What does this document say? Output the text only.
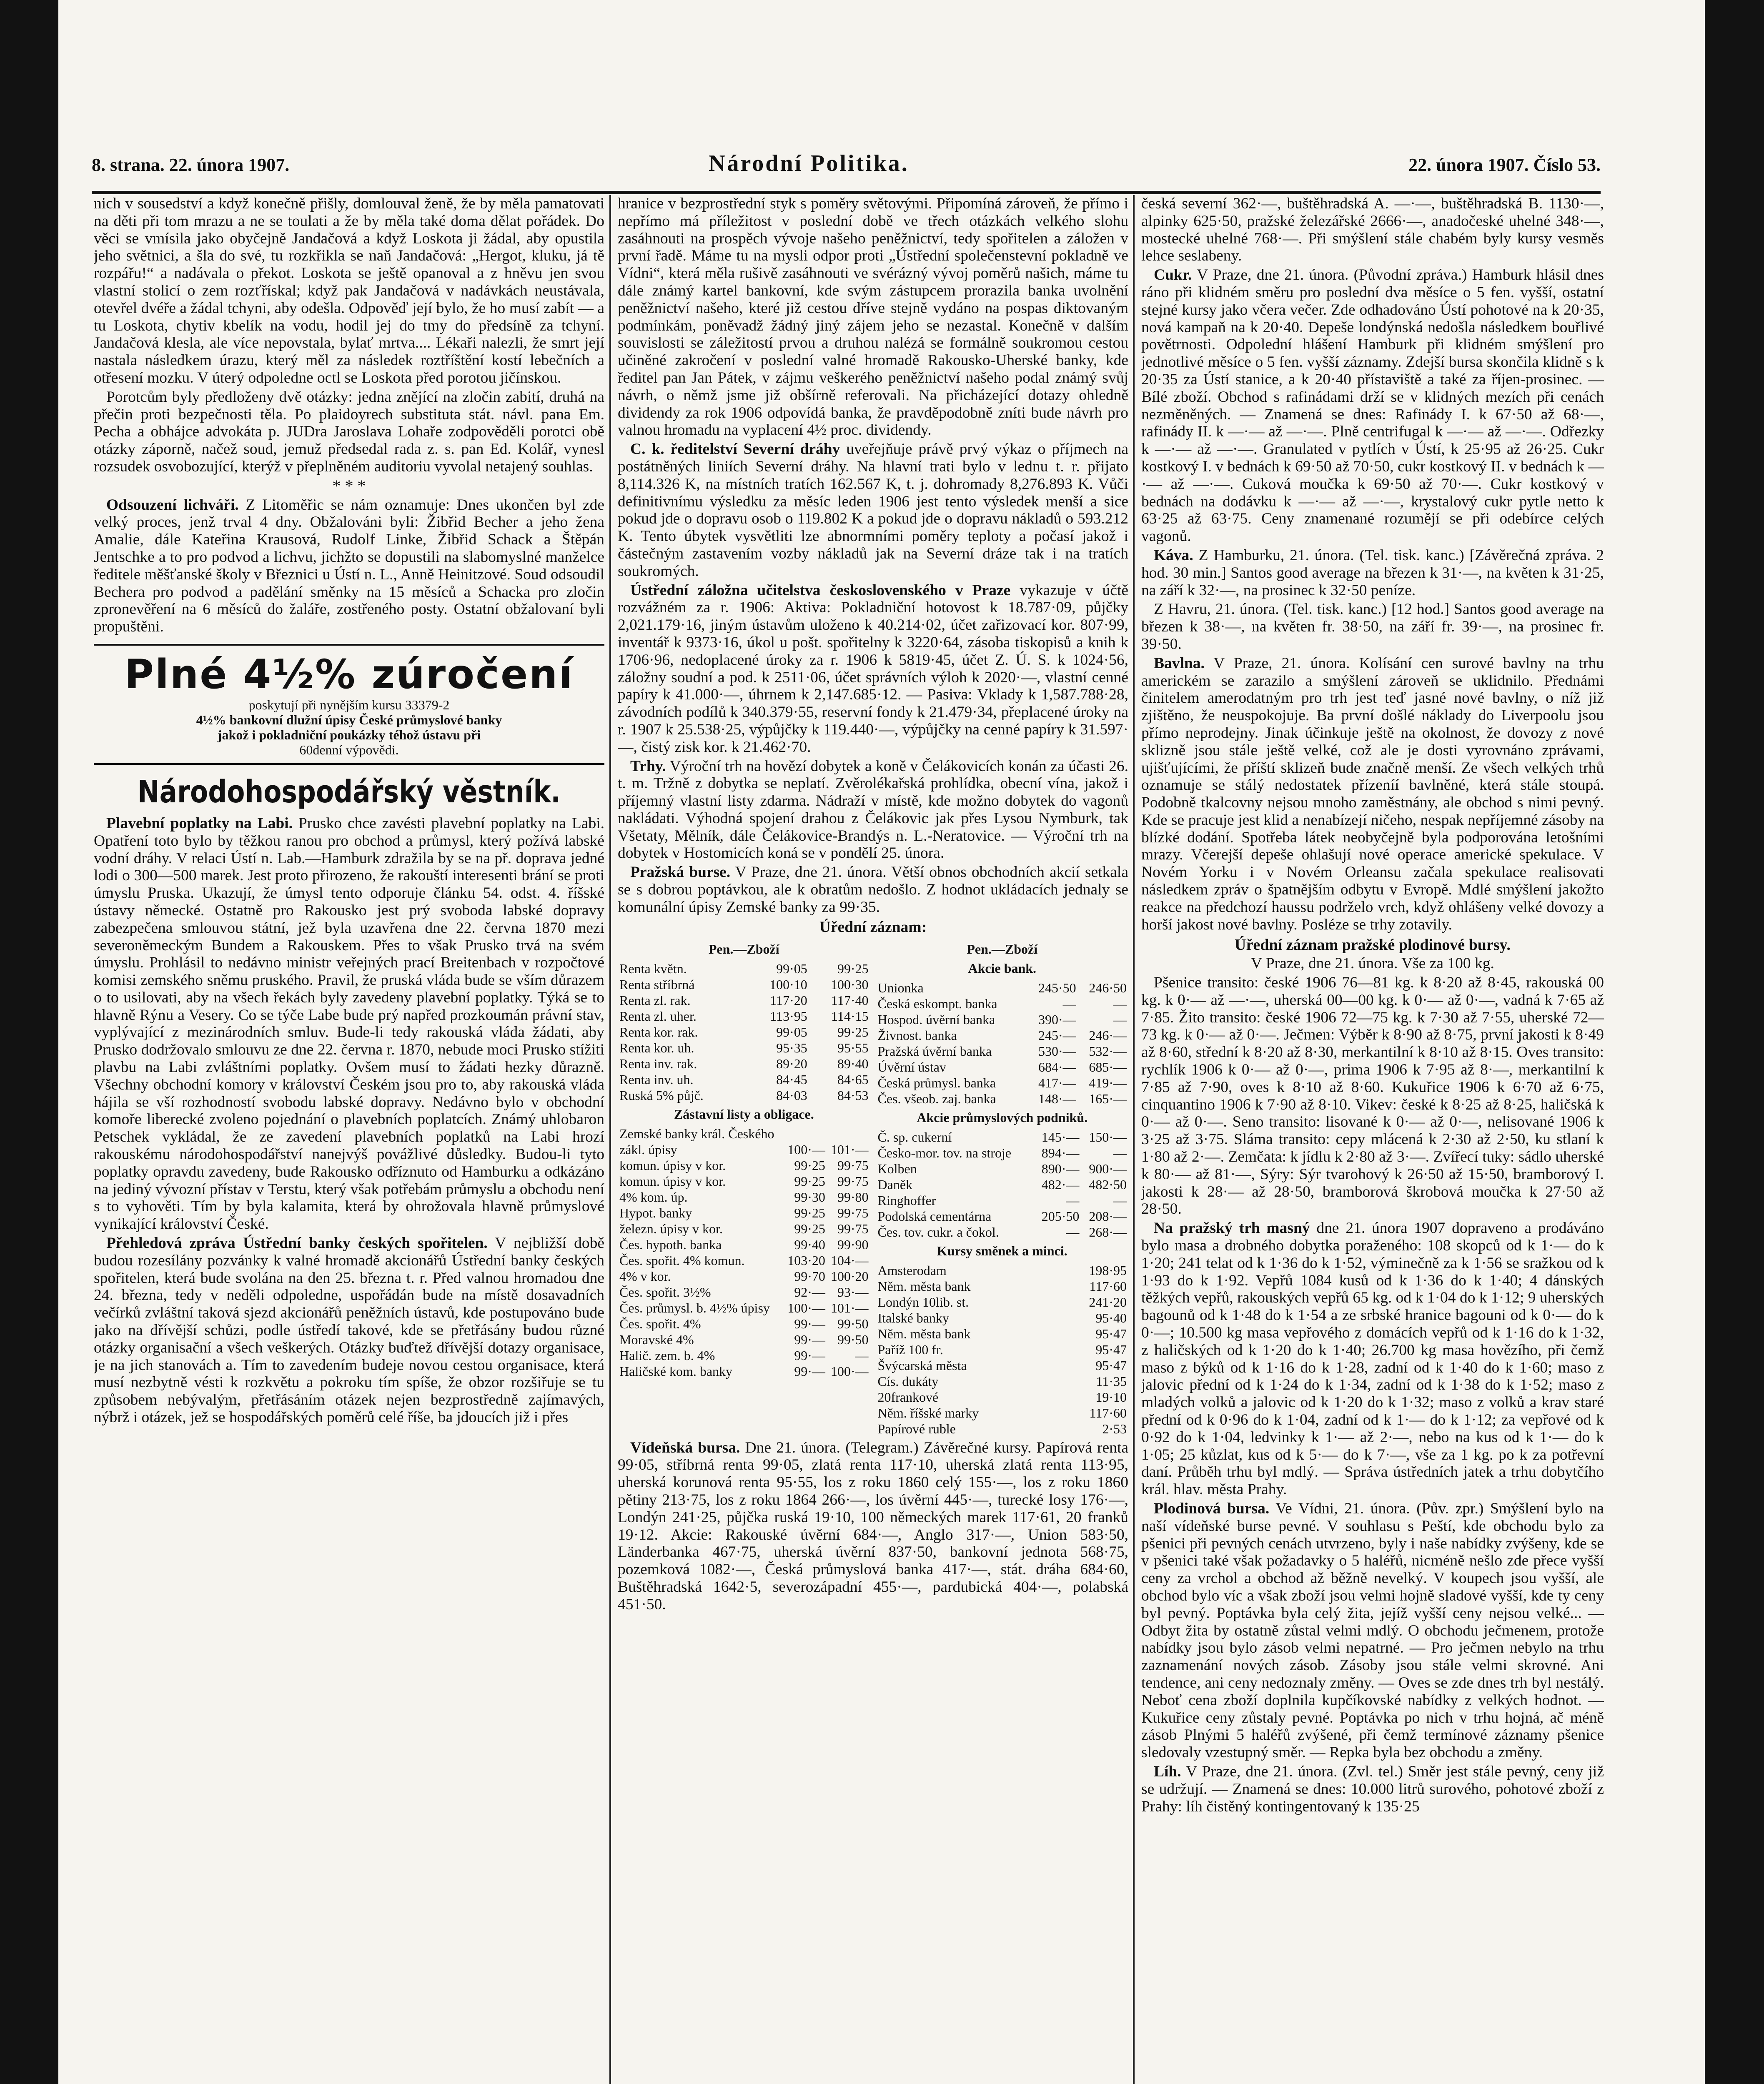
8. strana. 22. února 1907.	Národní Politika.	22. února 1907. Číslo 53.

nich v sousedství a když konečně přišly, domlouval ženě, že by měla pamatovati na děti při tom mrazu a ne se toulati a že by měla také doma dělat pořádek. Do věci se vmísila jako obyčejně Jandačová a když Loskota ji žádal, aby opustila jeho světnici, a šla do své, tu rozkřikla se naň Jandačová: „Hergot, kluku, já tě rozpářu!“ a nadávala o překot. Loskota se ještě opanoval a z hněvu jen svou vlastní stolicí o zem rozťřískal; když pak Jandačová v nadávkách neustávala, otevřel dvéře a žádal tchyni, aby odešla. Odpověď její bylo, že ho musí zabít — a tu Loskota, chytiv kbelík na vodu, hodil jej do tmy do předsíně za tchyní. Jandačová klesla, ale více nepovstala, bylať mrtva.... Lékaři nalezli, že smrt její nastala následkem úrazu, který měl za následek roztříštění kostí lebečních a otřesení mozku. V úterý odpoledne octl se Loskota před porotou jičínskou.

Porotcům byly předloženy dvě otázky: jedna znějící na zločin zabití, druhá na přečin proti bezpečnosti těla. Po plaidoyrech substituta stát. návl. pana Em. Pecha a obhájce advokáta p. JUDra Jaroslava Lohaře zodpověděli porotci obě otázky záporně, načež soud, jemuž předsedal rada z. s. pan Ed. Kolář, vynesl rozsudek osvobozující, kterýž v přeplněném auditoriu vyvolal netajený souhlas.

* * *

Odsouzení lichváři. Z Litoměřic se nám oznamuje: Dnes ukončen byl zde velký proces, jenž trval 4 dny. Obžalováni byli: Žibřid Becher a jeho žena Amalie, dále Kateřina Krausová, Rudolf Linke, Žibřid Schack a Štěpán Jentschke a to pro podvod a lichvu, jichžto se dopustili na slabomyslné manželce ředitele měšťanské školy v Březnici u Ústí n. L., Anně Heinitzové. Soud odsoudil Bechera pro podvod a padělání směnky na 15 měsíců a Schacka pro zločin zpronevěření na 6 měsíců do žaláře, zostřeného posty. Ostatní obžalovaní byli propuštěni.

Plné 4½% zúročení
poskytují při nynějším kursu 33379-2
4½% bankovní dlužní úpisy České průmyslové banky
jakož i pokladniční poukázky téhož ústavu při
60denní výpovědi.
Národohospodářský věstník.

Plavební poplatky na Labi. Prusko chce zavésti plavební poplatky na Labi. Opatření toto bylo by těžkou ranou pro obchod a průmysl, který požívá labské vodní dráhy. V relaci Ústí n. Lab.—Hamburk zdražila by se na př. doprava jedné lodi o 300—500 marek. Jest proto přirozeno, že rakouští interesenti brání se proti úmyslu Pruska. Ukazují, že úmysl tento odporuje článku 54. odst. 4. říšské ústavy německé. Ostatně pro Rakousko jest prý svoboda labské dopravy zabezpečena smlouvou státní, jež byla uzavřena dne 22. června 1870 mezi severoněmeckým Bundem a Rakouskem. Přes to však Prusko trvá na svém úmyslu. Prohlásil to nedávno ministr veřejných prací Breitenbach v rozpočtové komisi zemského sněmu pruského. Pravil, že pruská vláda bude se vším důrazem o to usilovati, aby na všech řekách byly zavedeny plavební poplatky. Týká se to hlavně Rýnu a Vesery. Co se týče Labe bude prý napřed prozkoumán právní stav, vyplývající z mezinárodních smluv. Bude-li tedy rakouská vláda žádati, aby Prusko dodržovalo smlouvu ze dne 22. června r. 1870, nebude moci Prusko stížiti plavbu na Labi zvláštními poplatky. Ovšem musí to žádati hezky důrazně. Všechny obchodní komory v království Českém jsou pro to, aby rakouská vláda hájila se vší rozhodností svobodu labské dopravy. Nedávno bylo v obchodní komoře liberecké zvoleno pojednání o plavebních poplatcích. Známý uhlobaron Petschek vykládal, že ze zavedení plavebních poplatků na Labi hrozí rakouskému národohospodářství nanejvýš povážlivé důsledky. Budou-li tyto poplatky opravdu zavedeny, bude Rakousko odříznuto od Hamburku a odkázáno na jediný vývozní přístav v Terstu, který však potřebám průmyslu a obchodu není s to vyhověti. Tím by byla kalamita, která by ohrožovala hlavně průmyslové vynikající království České.

Přehledová zpráva Ústřední banky českých spořitelen. V nejbližší době budou rozesílány pozvánky k valné hromadě akcionářů Ústřední banky českých spořitelen, která bude svolána na den 25. března t. r. Před valnou hromadou dne 24. března, tedy v neděli odpoledne, uspořádán bude na místě dosavadních večírků zvláštní taková sjezd akcionářů peněžních ústavů, kde postupováno bude jako na dřívější schůzi, podle ústředí takové, kde se přetřásány budou různé otázky organisační a všech veškerých. Otázky buďtež dřívější dotazy organisace, je na jich stanovách a. Tím to zavedením budeje novou cestou organisace, která musí nezbytně vésti k rozkvětu a pokroku tím spíše, že obzor rozšiřuje se tu způsobem nebývalým, přetřásáním otázek nejen bezprostředně zajímavých, nýbrž i otázek, jež se hospodářských poměrů celé říše, ba jdoucích již i přes

hranice v bezprostřední styk s poměry světovými. Připomíná zároveň, že přímo i nepřímo má příležitost v poslední době ve třech otázkách velkého slohu zasáhnouti na prospěch vývoje našeho peněžnictví, tedy spořitelen a záložen v první řadě. Máme tu na mysli odpor proti „Ústřední společenstevní pokladně ve Vídni“, která měla rušivě zasáhnouti ve svérázný vývoj poměrů našich, máme tu dále známý kartel bankovní, kde svým zástupcem prorazila banka uvolnění peněžnictví našeho, které již cestou dříve stejně vydáno na pospas diktovaným podmínkám, poněvadž žádný jiný zájem jeho se nezastal. Konečně v dalším souvislosti se záležitostí prvou a druhou nalézá se formálně soukromou cestou učiněné zakročení v poslední valné hromadě Rakousko-Uherské banky, kde ředitel pan Jan Pátek, v zájmu veškerého peněžnictví našeho podal známý svůj návrh, o němž jsme již obšírně referovali. Na přicházející dotazy ohledně dividendy za rok 1906 odpovídá banka, že pravděpodobně zníti bude návrh pro valnou hromadu na vyplacení 4½ proc. dividendy.

C. k. ředitelství Severní dráhy uveřejňuje právě prvý výkaz o příjmech na postátněných liniích Severní dráhy. Na hlavní trati bylo v lednu t. r. přijato 8,114.326 K, na místních tratích 162.567 K, t. j. dohromady 8,276.893 K. Vůči definitivnímu výsledku za měsíc leden 1906 jest tento výsledek menší a sice pokud jde o dopravu osob o 119.802 K a pokud jde o dopravu nákladů o 593.212 K. Tento úbytek vysvětliti lze abnormními poměry teploty a počasí jakož i částečným zastavením vozby nákladů jak na Severní dráze tak i na tratích soukromých.

Ústřední záložna učitelstva československého v Praze vykazuje v účtě rozvážném za r. 1906: Aktiva: Pokladniční hotovost k 18.787·09, půjčky 2,021.179·16, jiným ústavům uloženo k 40.214·02, účet zařizovací kor. 807·99, inventář k 9373·16, úkol u pošt. spořitelny k 3220·64, zásoba tiskopisů a knih k 1706·96, nedoplacené úroky za r. 1906 k 5819·45, účet Z. Ú. S. k 1024·56, záložny soudní a pod. k 2511·06, účet správních výloh k 2020·—, vlastní cenné papíry k 41.000·—, úhrnem k 2,147.685·12. — Pasiva: Vklady k 1,587.788·28, závodních podílů k 340.379·55, reservní fondy k 21.479·34, přeplacené úroky na r. 1907 k 25.538·25, výpůjčky k 119.440·—, výpůjčky na cenné papíry k 31.597·—, čistý zisk kor. k 21.462·70.

Trhy. Výroční trh na hovězí dobytek a koně v Čelákovicích konán za účasti 26. t. m. Tržně z dobytka se neplatí. Zvěrolékařská prohlídka, obecní vína, jakož i příjemný vlastní listy zdarma. Nádraží v místě, kde možno dobytek do vagonů nakládati. Výhodná spojení drahou z Čelákovic jak přes Lysou Nymburk, tak Všetaty, Mělník, dále Čelákovice-Brandýs n. L.-Neratovice. — Výroční trh na dobytek v Hostomicích koná se v pondělí 25. února.

Pražská burse. V Praze, dne 21. února. Větší obnos obchodních akcií setkala se s dobrou poptávkou, ale k obratům nedošlo. Z hodnot ukládacích jednaly se komunální úpisy Zemské banky za 99·35.

Úřední záznam:
Pen.—Zboží
Renta květn.	99·05	99·25
Renta stříbrná	100·10	100·30
Renta zl. rak.	117·20	117·40
Renta zl. uher.	113·95	114·15
Renta kor. rak.	99·05	99·25
Renta kor. uh.	95·35	95·55
Renta inv. rak.	89·20	89·40
Renta inv. uh.	84·45	84·65
Ruská 5% půjč.	84·03	84·53
Zástavní listy a obligace.
Zemské banky král. Českého		
zákl. úpisy	100·—	101·—
komun. úpisy v kor.	99·25	99·75
komun. úpisy v kor.	99·25	99·75
4% kom. úp.	99·30	99·80
Hypot. banky	99·25	99·75
železn. úpisy v kor.	99·25	99·75
Čes. hypoth. banka	99·40	99·90
Čes. spořit. 4% komun.	103·20	104·—
4% v kor.	99·70	100·20
Čes. spořit. 3½%	92·—	93·—
Čes. průmysl. b. 4½% úpisy	100·—	101·—
Čes. spořit. 4%	99·—	99·50
Moravské 4%	99·—	99·50
Halič. zem. b. 4%	99·—	—
Haličské kom. banky	99·—	100·—
Pen.—Zboží
Akcie bank.
Unionka	245·50	246·50
Česká eskompt. banka	—	—
Hospod. úvěrní banka	390·—	—
Živnost. banka	245·—	246·—
Pražská úvěrní banka	530·—	532·—
Úvěrní ústav	684·—	685·—
Česká průmysl. banka	417·—	419·—
Čes. všeob. zaj. banka	148·—	165·—
Akcie průmyslových podniků.
Č. sp. cukerní	145·—	150·—
Česko-mor. tov. na stroje	894·—	—
Kolben	890·—	900·—
Daněk	482·—	482·50
Ringhoffer	—	—
Podolská cementárna	205·50	208·—
Čes. tov. cukr. a čokol.	—	268·—
Kursy směnek a minci.
Amsterodam	198·95
Něm. města bank	117·60
Londýn 10lib. st.	241·20
Italské banky	95·40
Něm. města bank	95·47
Paříž 100 fr.	95·47
Švýcarská města	95·47
Cís. dukáty	11·35
20frankové	19·10
Něm. říšské marky	117·60
Papírové ruble	2·53

Vídeňská bursa. Dne 21. února. (Telegram.) Závěrečné kursy. Papírová renta 99·05, stříbrná renta 99·05, zlatá renta 117·10, uherská zlatá renta 113·95, uherská korunová renta 95·55, los z roku 1860 celý 155·—, los z roku 1860 pětiny 213·75, los z roku 1864 266·—, los úvěrní 445·—, turecké losy 176·—, Londýn 241·25, půjčka ruská 19·10, 100 německých marek 117·61, 20 franků 19·12. Akcie: Rakouské úvěrní 684·—, Anglo 317·—, Union 583·50, Länderbanka 467·75, uherská úvěrní 837·50, bankovní jednota 568·75, pozemková 1082·—, Česká průmyslová banka 417·—, stát. dráha 684·60, Buštěhradská 1642·5, severozápadní 455·—, pardubická 404·—, polabská 451·50.

česká severní 362·—, buštěhradská A. —·—, buštěhradská B. 1130·—, alpinky 625·50, pražské železářské 2666·—, anadočeské uhelné 348·—, mostecké uhelné 768·—. Při smýšlení stále chabém byly kursy vesměs lehce seslabeny.

Cukr. V Praze, dne 21. února. (Původní zpráva.) Hamburk hlásil dnes ráno při klidném směru pro poslední dva měsíce o 5 fen. vyšší, ostatní stejné kursy jako včera večer. Zde odhadováno Ústí pohotové na k 20·35, nová kampaň na k 20·40. Depeše londýnská nedošla následkem bouřlivé povětrnosti. Odpolední hlášení Hamburk při klidném smýšlení pro jednotlivé měsíce o 5 fen. vyšší záznamy. Zdejší bursa skončila klidně s k 20·35 za Ústí stanice, a k 20·40 přístaviště a také za říjen-prosinec. — Bílé zboží. Obchod s rafinádami drží se v klidných mezích při cenách nezměněných. — Znamená se dnes: Rafinády I. k 67·50 až 68·—, rafinády II. k —·— až —·—. Plně centrifugal k —·— až —·—. Odřezky k —·— až —·—. Granulated v pytlích v Ústí, k 25·95 až 26·25. Cukr kostkový I. v bednách k 69·50 až 70·50, cukr kostkový II. v bednách k —·— až —·—. Cuková moučka k 69·50 až 70·—. Cukr kostkový v bednách na dodávku k —·— až —·—, krystalový cukr pytle netto k 63·25 až 63·75. Ceny znamenané rozumějí se při odebírce celých vagonů.

Káva. Z Hamburku, 21. února. (Tel. tisk. kanc.) [Závěrečná zpráva. 2 hod. 30 min.] Santos good average na březen k 31·—, na květen k 31·25, na září k 32·—, na prosinec k 32·50 peníze.

Z Havru, 21. února. (Tel. tisk. kanc.) [12 hod.] Santos good average na březen k 38·—, na květen fr. 38·50, na září fr. 39·—, na prosinec fr. 39·50.

Bavlna. V Praze, 21. února. Kolísání cen surové bavlny na trhu americkém se zarazilo a smýšlení zároveň se uklidnilo. Přednámi činitelem amerodatným pro trh jest teď jasné nové bavlny, o níž již zjištěno, že neuspokojuje. Ba první došlé náklady do Liverpoolu jsou přímo neprodejny. Jinak účinkuje ještě na okolnost, že dovozy z nové sklizně jsou stále ještě velké, což ale je dosti vyrovnáno zprávami, ujišťujícími, že příští sklizeň bude značně menší. Ze všech velkých trhů oznamuje se stálý nedostatek přízeníí bavlněné, která stále stoupá. Podobně tkalcovny nejsou mnoho zaměstnány, ale obchod s nimi pevný. Kde se pracuje jest klid a nenabízejí ničeho, nespak nepříjemné zásoby na blízké dodání. Spotřeba látek neobyčejně byla podporována letošními mrazy. Včerejší depeše ohlašují nové operace americké spekulace. V Novém Yorku i v Novém Orleansu začala spekulace realisovati následkem zpráv o špatnějším odbytu v Evropě. Mdlé smýšlení jakožto reakce na předchozí haussu podrželo vrch, když ohlášeny velké dovozy a horší jakost nové bavlny. Posléze se trhy zotavily.

Úřední záznam pražské plodinové bursy.

V Praze, dne 21. února. Vše za 100 kg.

Pšenice transito: české 1906 76—81 kg. k 8·20 až 8·45, rakouská 00 kg. k 0·— až —·—, uherská 00—00 kg. k 0·— až 0·—, vadná k 7·65 až 7·85. Žito transito: české 1906 72—75 kg. k 7·30 až 7·55, uherské 72—73 kg. k 0·— až 0·—. Ječmen: Výběr k 8·90 až 8·75, první jakosti k 8·49 až 8·60, střední k 8·20 až 8·30, merkantilní k 8·10 až 8·15. Oves transito: rychlík 1906 k 0·— až 0·—, prima 1906 k 7·95 až 8·—, merkantilní k 7·85 až 7·90, oves k 8·10 až 8·60. Kukuřice 1906 k 6·70 až 6·75, cinquantino 1906 k 7·90 až 8·10. Vikev: české k 8·25 až 8·25, haličská k 0·— až 0·—. Seno transito: lisované k 0·— až 0·—, nelisované 1906 k 3·25 až 3·75. Sláma transito: cepy mlácená k 2·30 až 2·50, ku stlaní k 1·80 až 2·—. Zemčata: k jídlu k 2·80 až 3·—. Zvířecí tuky: sádlo uherské k 80·— až 81·—, Sýry: Sýr tvarohový k 26·50 až 15·50, bramborový I. jakosti k 28·— až 28·50, bramborová škrobová moučka k 27·50 až 28·50.

Na pražský trh masný dne 21. února 1907 dopraveno a prodáváno bylo masa a drobného dobytka poraženého: 108 skopců od k 1·— do k 1·20; 241 telat od k 1·36 do k 1·52, výminečně za k 1·56 se sražkou od k 1·93 do k 1·92. Vepřů 1084 kusů od k 1·36 do k 1·40; 4 dánských těžkých vepřů, rakouských vepřů 65 kg. od k 1·04 do k 1·12; 9 uherských bagounů od k 1·48 do k 1·54 a ze srbské hranice bagouni od k 0·— do k 0·—; 10.500 kg masa vepřového z domácích vepřů od k 1·16 do k 1·32, z haličských od k 1·20 do k 1·40; 26.700 kg masa hovězího, při čemž maso z býků od k 1·16 do k 1·28, zadní od k 1·40 do k 1·60; maso z jalovic přední od k 1·24 do k 1·34, zadní od k 1·38 do k 1·52; maso z mladých volků a jalovic od k 1·20 do k 1·32; maso z volků a krav staré přední od k 0·96 do k 1·04, zadní od k 1·— do k 1·12; za vepřové od k 0·92 do k 1·04, ledvinky k 1·— až 2·—, nebo na kus od k 1·— do k 1·05; 25 kůzlat, kus od k 5·— do k 7·—, vše za 1 kg. po k za potřevní daní. Průběh trhu byl mdlý. — Správa ústředních jatek a trhu dobytčího král. hlav. města Prahy.

Plodinová bursa. Ve Vídni, 21. února. (Pův. zpr.) Smýšlení bylo na naší vídeňské burse pevné. V souhlasu s Peští, kde obchodu bylo za pšenici při pevných cenách utvrzeno, byly i naše nabídky zvýšeny, kde se v pšenici také však požadavky o 5 haléřů, nicméně nešlo zde přece vyšší ceny za vrchol a obchod až běžně nevelký. V koupech jsou vyšší, ale obchod bylo víc a však zboží jsou velmi hojně sladové vyšší, kde ty ceny byl pevný. Poptávka byla celý žita, jejíž vyšší ceny nejsou velké... — Odbyt žita by ostatně zůstal velmi mdlý. O obchodu ječmenem, protože nabídky jsou bylo zásob velmi nepatrné. — Pro ječmen nebylo na trhu zaznamenání nových zásob. Zásoby jsou stále velmi skrovné. Ani tendence, ani ceny nedoznaly změny. — Oves se zde dnes trh byl nestálý. Neboť cena zboží doplnila kupčíkovské nabídky z velkých hodnot. — Kukuřice ceny zůstaly pevné. Poptávka po nich v trhu hojná, ač méně zásob Plnými 5 haléřů zvýšené, při čemž termínové záznamy pšenice sledovaly vzestupný směr. — Repka byla bez obchodu a změny.

Líh. V Praze, dne 21. února. (Zvl. tel.) Směr jest stále pevný, ceny již se udržují. — Znamená se dnes: 10.000 litrů surového, pohotové zboží z Prahy: líh čistěný kontingentovaný k 135·25
